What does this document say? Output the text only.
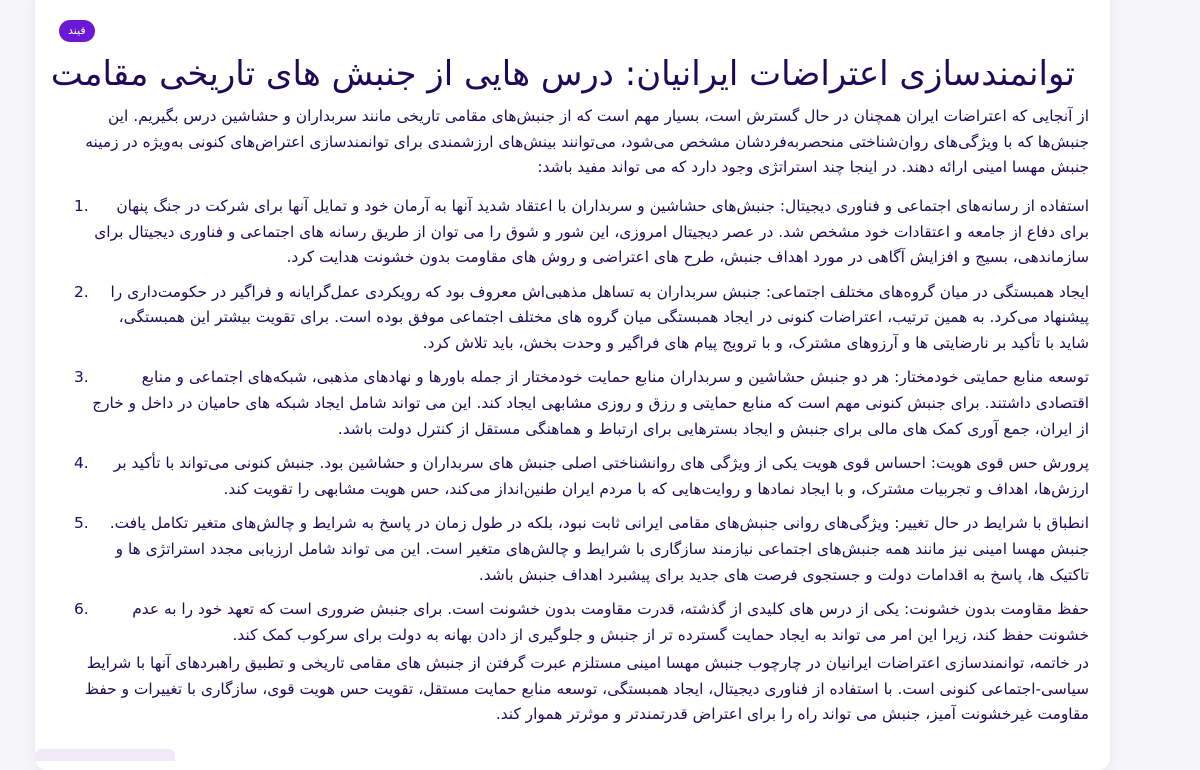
فیند
توانمندسازی اعتراضات ایرانیان: درس هایی از جنبش های تاریخی مقامت

از آنجایی که اعتراضات ایران همچنان در حال گسترش است، بسیار مهم است که از جنبش‌های مقامی تاریخی مانند سربداران و حشاشین درس بگیریم. این جنبش‌ها که با ویژگی‌های روان‌شناختی منحصربه‌فردشان مشخص می‌شود، می‌توانند بینش‌های ارزشمندی برای توانمندسازی اعتراض‌های کنونی به‌ویژه در زمینه جنبش مهسا امینی ارائه دهند. در اینجا چند استراتژی وجود دارد که می تواند مفید باشد:

1. استفاده از رسانه‌های اجتماعی و فناوری دیجیتال: جنبش‌های حشاشین و سربداران با اعتقاد شدید آنها به آرمان خود و تمایل آنها برای شرکت در جنگ پنهان برای دفاع از جامعه و اعتقادات خود مشخص شد. در عصر دیجیتال امروزی، این شور و شوق را می توان از طریق رسانه های اجتماعی و فناوری دیجیتال برای سازماندهی، بسیج و افزایش آگاهی در مورد اهداف جنبش، طرح های اعتراضی و روش های مقاومت بدون خشونت هدایت کرد.
2. ایجاد همبستگی در میان گروه‌های مختلف اجتماعی: جنبش سربداران به تساهل مذهبی‌اش معروف بود که رویکردی عمل‌گرایانه و فراگیر در حکومت‌داری را پیشنهاد می‌کرد. به همین ترتیب، اعتراضات کنونی در ایجاد همبستگی میان گروه های مختلف اجتماعی موفق بوده است. برای تقویت بیشتر این همبستگی، شاید با تأکید بر نارضایتی ها و آرزوهای مشترک، و با ترویج پیام های فراگیر و وحدت بخش، باید تلاش کرد.
3.	توسعه منابع حمایتی خودمختار: هر دو جنبش حشاشین و سربداران منابع حمایت خودمختار از جمله باورها و نهادهای مذهبی، شبکه‌های اجتماعی و منابع اقتصادی داشتند. برای جنبش کنونی مهم است که منابع حمایتی و رزق و روزی مشابهی ایجاد کند. این می تواند شامل ایجاد شبکه های حامیان در داخل و خارج از ایران، جمع آوری کمک های مالی برای جنبش و ایجاد بسترهایی برای ارتباط و هماهنگی مستقل از کنترل دولت باشد.
4. پرورش حس قوی هویت: احساس قوی هویت یکی از ویژگی های روانشناختی اصلی جنبش های سربداران و حشاشین بود. جنبش کنونی می‌تواند با تأکید بر ارزش‌ها، اهداف و تجربیات مشترک، و با ایجاد نمادها و روایت‌هایی که با مردم ایران طنین‌انداز می‌کند، حس هویت مشابهی را تقویت کند.
5. انطباق با شرایط در حال تغییر: ویژگی‌های روانی جنبش‌های مقامی ایرانی ثابت نبود، بلکه در طول زمان در پاسخ به شرایط و چالش‌های متغیر تکامل یافت. جنبش مهسا امینی نیز مانند همه جنبش‌های اجتماعی نیازمند سازگاری با شرایط و چالش‌های متغیر است. این می تواند شامل ارزیابی مجدد استراتژی ها و تاکتیک ها، پاسخ به اقدامات دولت و جستجوی فرصت های جدید برای پیشبرد اهداف جنبش باشد.
6.	حفظ مقاومت بدون خشونت: یکی از درس های کلیدی از گذشته، قدرت مقاومت بدون خشونت است. برای جنبش ضروری است که تعهد خود را به عدم خشونت حفظ کند، زیرا این امر می تواند به ایجاد حمایت گسترده تر از جنبش و جلوگیری از دادن بهانه به دولت برای سرکوب کمک کند.

در خاتمه، توانمندسازی اعتراضات ایرانیان در چارچوب جنبش مهسا امینی مستلزم عبرت گرفتن از جنبش های مقامی تاریخی و تطبیق راهبردهای آنها با شرایط سیاسی-اجتماعی کنونی است. با استفاده از فناوری دیجیتال، ایجاد همبستگی، توسعه منابع حمایت مستقل، تقویت حس هویت قوی، سازگاری با تغییرات و حفظ مقاومت غیرخشونت آمیز، جنبش می تواند راه را برای اعتراض قدرتمندتر و موثرتر هموار کند.
